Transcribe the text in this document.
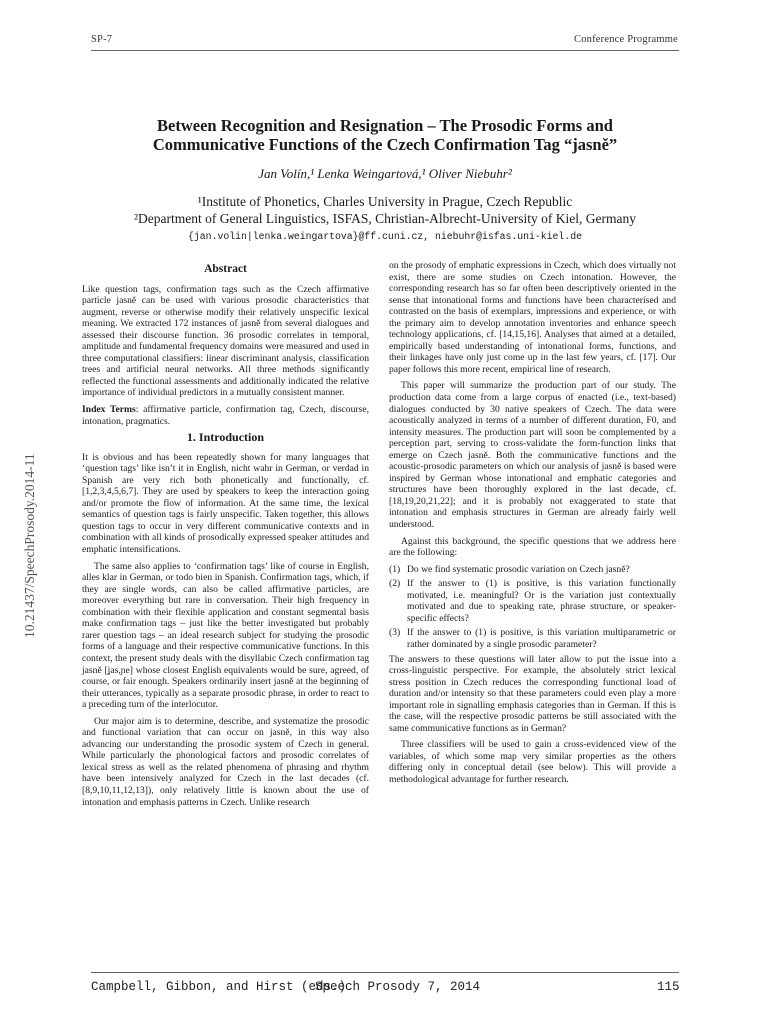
SP-7	Conference Programme
Between Recognition and Resignation – The Prosodic Forms and
Communicative Functions of the Czech Confirmation Tag “jasně”
Jan Volín,¹ Lenka Weingartová,¹ Oliver Niebuhr²
¹Institute of Phonetics, Charles University in Prague, Czech Republic
²Department of General Linguistics, ISFAS, Christian-Albrecht-University of Kiel, Germany
{jan.volin|lenka.weingartova}@ff.cuni.cz, niebuhr@isfas.uni-kiel.de
10.21437/SpeechProsody.2014-11
Abstract

Like question tags, confirmation tags such as the Czech affirmative particle jasně can be used with various prosodic characteristics that augment, reverse or otherwise modify their relatively unspecific lexical meaning. We extracted 172 instances of jasně from several dialogues and assessed their discourse function. 36 prosodic correlates in temporal, amplitude and fundamental frequency domains were measured and used in three computational classifiers: linear discriminant analysis, classification trees and artificial neural networks. All three methods significantly reflected the functional assessments and additionally indicated the relative importance of individual predictors in a mutually consistent manner.

Index Terms: affirmative particle, confirmation tag, Czech, discourse, intonation, pragmatics.

1. Introduction

It is obvious and has been repeatedly shown for many languages that ‘question tags’ like isn’t it in English, nicht wahr in German, or verdad in Spanish are very rich both phonetically and functionally, cf. [1,2,3,4,5,6,7]. They are used by speakers to keep the interaction going and/or promote the flow of information. At the same time, the lexical semantics of question tags is fairly unspecific. Taken together, this allows question tags to occur in very different communicative contexts and in combination with all kinds of prosodically expressed speaker attitudes and emphatic intensifications.

The same also applies to ‘confirmation tags’ like of course in English, alles klar in German, or todo bien in Spanish. Confirmation tags, which, if they are single words, can also be called affirmative particles, are moreover everything but rare in conversation. Their high frequency in combination with their flexible application and constant segmental basis make confirmation tags – just like the better investigated but probably rarer question tags – an ideal research subject for studying the prosodic forms of a language and their respective communicative functions. In this context, the present study deals with the disyllabic Czech confirmation tag jasně [ʝas,ɲe] whose closest English equivalents would be sure, agreed, of course, or fair enough. Speakers ordinarily insert jasně at the beginning of their utterances, typically as a separate prosodic phrase, in order to react to a preceding turn of the interlocutor.

Our major aim is to determine, describe, and systematize the prosodic and functional variation that can occur on jasně, in this way also advancing our understanding the prosodic system of Czech in general. While particularly the phonological factors and prosodic correlates of lexical stress as well as the related phenomena of phrasing and rhythm have been intensively analyzed for Czech in the last decades (cf. [8,9,10,11,12,13]), only relatively little is known about the use of intonation and emphasis patterns in Czech. Unlike research

on the prosody of emphatic expressions in Czech, which does virtually not exist, there are some studies on Czech intonation. However, the corresponding research has so far often been descriptively oriented in the sense that intonational forms and functions have been characterised and contrasted on the basis of exemplars, impressions and experience, or with the primary aim to develop annotation inventories and enhance speech technology applications, cf. [14,15,16]. Analyses that aimed at a detailed, empirically based understanding of intonational forms, functions, and their linkages have only just come up in the last few years, cf. [17]. Our paper follows this more recent, empirical line of research.

This paper will summarize the production part of our study. The production data come from a large corpus of enacted (i.e., text-based) dialogues conducted by 30 native speakers of Czech. The data were acoustically analyzed in terms of a number of different duration, F0, and intensity measures. The production part will soon be complemented by a perception part, serving to cross-validate the form-function links that emerge on Czech jasně. Both the communicative functions and the acoustic-prosodic parameters on which our analysis of jasně is based were inspired by German whose intonational and emphatic categories and structures have been thoroughly explored in the last decade, cf. [18,19,20,21,22]; and it is probably not exaggerated to state that intonation and emphasis structures in German are already fairly well understood.

Against this background, the specific questions that we address here are the following:

(1) Do we find systematic prosodic variation on Czech jasně?
(2) If the answer to (1) is positive, is this variation functionally motivated, i.e. meaningful? Or is the variation just contextually motivated and due to speaking rate, phrase structure, or speaker-specific effects?
(3) If the answer to (1) is positive, is this variation multiparametric or rather dominated by a single prosodic parameter?

The answers to these questions will later allow to put the issue into a cross-linguistic perspective. For example, the absolutely strict lexical stress position in Czech reduces the corresponding functional load of duration and/or intensity so that these parameters could even play a more important role in signalling emphasis categories than in German. If this is the case, will the respective prosodic patterns be still associated with the same communicative functions as in German?

Three classifiers will be used to gain a cross-evidenced view of the variables, of which some map very similar properties as the others differing only in conceptual detail (see below). This will provide a methodological advantage for further research.

Campbell, Gibbon, and Hirst (eds.)
Speech Prosody 7, 2014	115
